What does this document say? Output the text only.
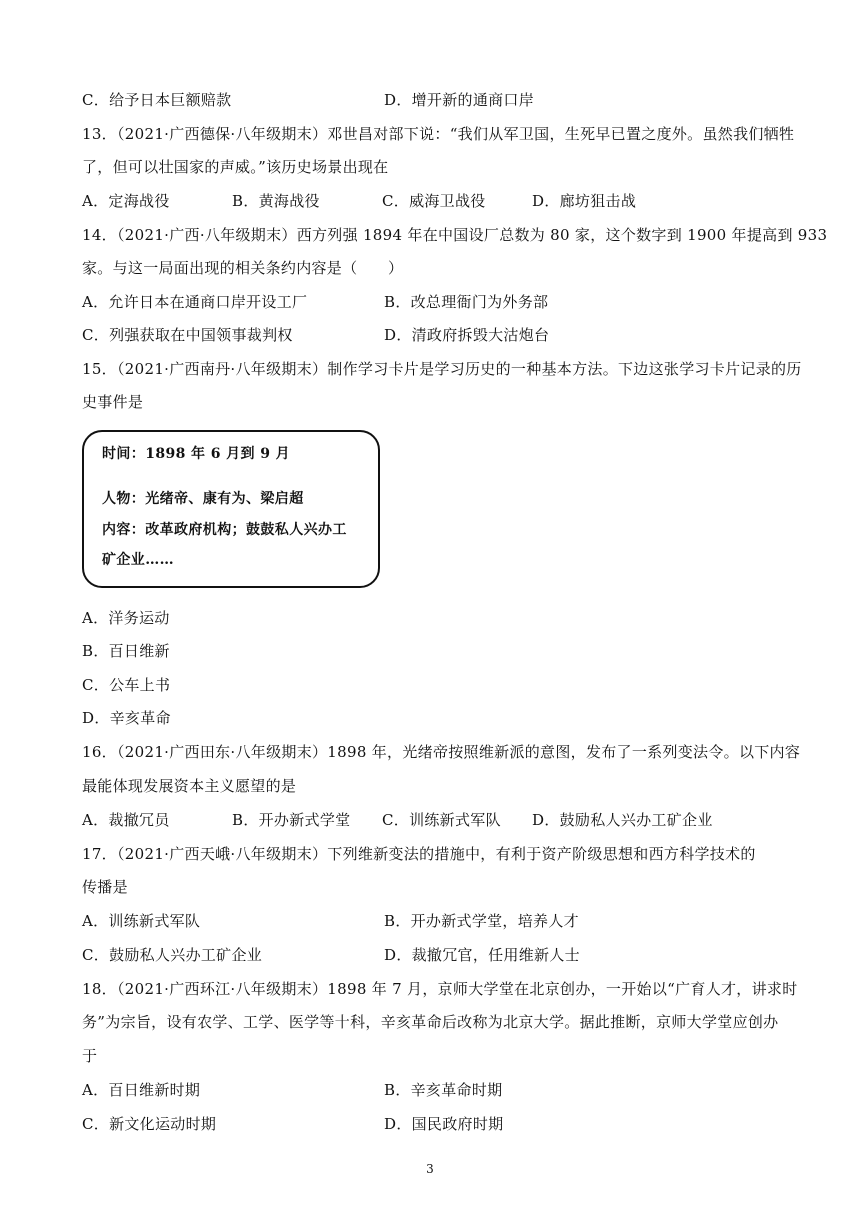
C．给予日本巨额赔款	D．增开新的通商口岸
13．（2021·广西德保·八年级期末）邓世昌对部下说：“我们从军卫国，生死早已置之度外。虽然我们牺牲
了，但可以壮国家的声威。”该历史场景出现在
A．定海战役	B．黄海战役	C．威海卫战役	D．廊坊狙击战
14．（2021·广西·八年级期末）西方列强 1894 年在中国设厂总数为 80 家，这个数字到 1900 年提高到 933
家。与这一局面出现的相关条约内容是（　　）
A．允许日本在通商口岸开设工厂	B．改总理衙门为外务部
C．列强获取在中国领事裁判权	D．清政府拆毁大沽炮台
15．（2021·广西南丹·八年级期末）制作学习卡片是学习历史的一种基本方法。下边这张学习卡片记录的历
史事件是
时间：1898 年 6 月到 9 月
人物：光绪帝、康有为、梁启超
内容：改革政府机构；鼓鼓私人兴办工
矿企业……
A．洋务运动
B．百日维新
C．公车上书
D．辛亥革命
16．（2021·广西田东·八年级期末）1898 年，光绪帝按照维新派的意图，发布了一系列变法令。以下内容
最能体现发展资本主义愿望的是
A．裁撤冗员	B．开办新式学堂 C．训练新式军队 D．鼓励私人兴办工矿企业
17．（2021·广西天峨·八年级期末）下列维新变法的措施中，有利于资产阶级思想和西方科学技术的
传播是
A．训练新式军队	B．开办新式学堂，培养人才
C．鼓励私人兴办工矿企业	D．裁撤冗官，任用维新人士
18．（2021·广西环江·八年级期末）1898 年 7 月，京师大学堂在北京创办，一开始以“广育人才，讲求时
务”为宗旨，设有农学、工学、医学等十科，辛亥革命后改称为北京大学。据此推断，京师大学堂应创办
于
A．百日维新时期	B．辛亥革命时期
C．新文化运动时期	D．国民政府时期
3
